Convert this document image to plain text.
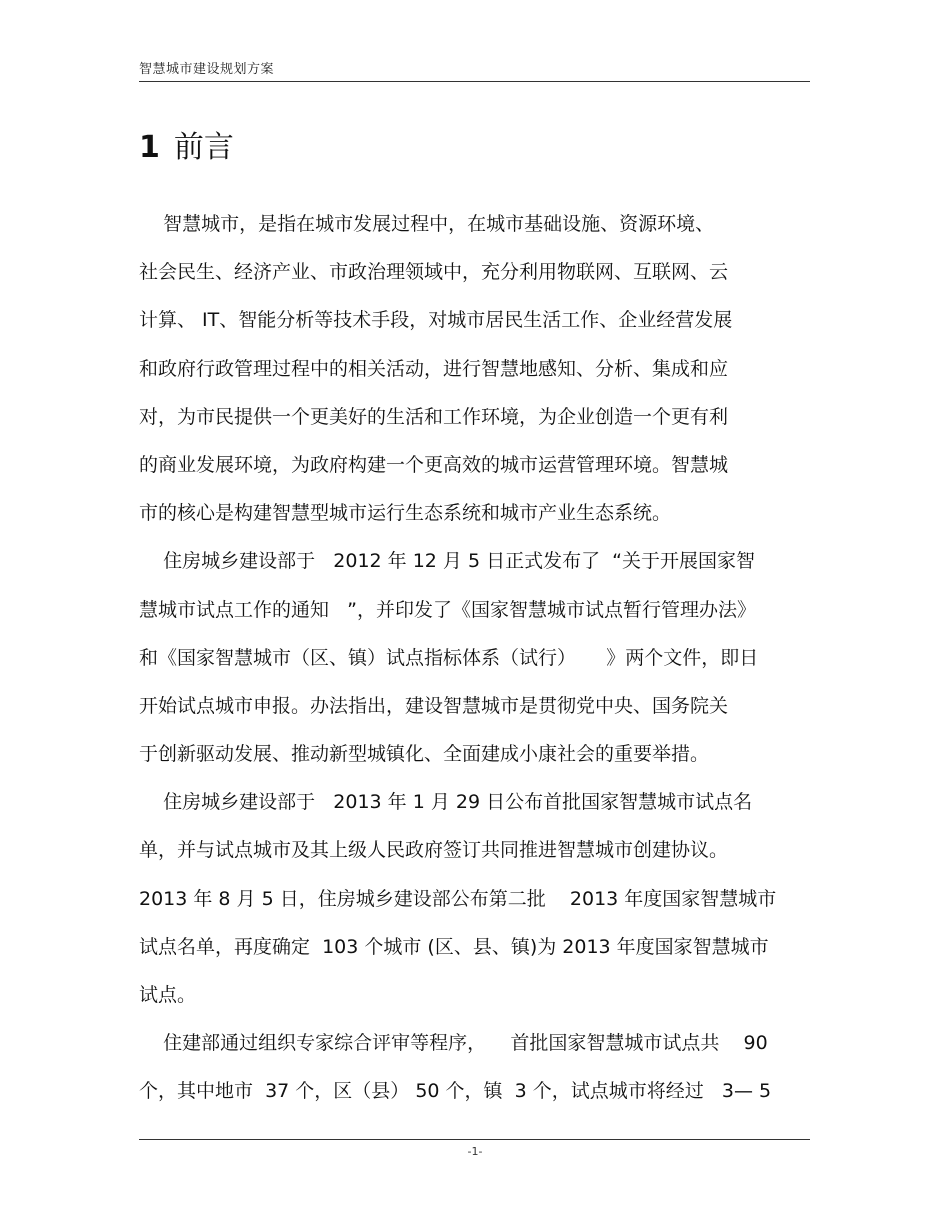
智慧城市建设规划方案
1 前言
智慧城市，是指在城市发展过程中，在城市基础设施、资源环境、
社会民生、经济产业、市政治理领域中，充分利用物联网、互联网、云
计算、 IT、智能分析等技术手段，对城市居民生活工作、企业经营发展
和政府行政管理过程中的相关活动，进行智慧地感知、分析、集成和应
对，为市民提供一个更美好的生活和工作环境，为企业创造一个更有利
的商业发展环境，为政府构建一个更高效的城市运营管理环境。智慧城
市的核心是构建智慧型城市运行生态系统和城市产业生态系统。
住房城乡建设部于   2012 年 12 月 5 日正式发布了  “关于开展国家智
慧城市试点工作的通知   ”，并印发了《国家智慧城市试点暂行管理办法》
和《国家智慧城市（区、镇）试点指标体系（试行）     》两个文件，即日
开始试点城市申报。办法指出，建设智慧城市是贯彻党中央、国务院关
于创新驱动发展、推动新型城镇化、全面建成小康社会的重要举措。
住房城乡建设部于   2013 年 1 月 29 日公布首批国家智慧城市试点名
单，并与试点城市及其上级人民政府签订共同推进智慧城市创建协议。
2013 年 8 月 5 日，住房城乡建设部公布第二批    2013 年度国家智慧城市
试点名单，再度确定  103 个城市 (区、县、镇)为 2013 年度国家智慧城市
试点。
住建部通过组织专家综合评审等程序，    首批国家智慧城市试点共    90
个，其中地市  37 个，区（县） 50 个，镇  3 个，试点城市将经过   3— 5
-1-
